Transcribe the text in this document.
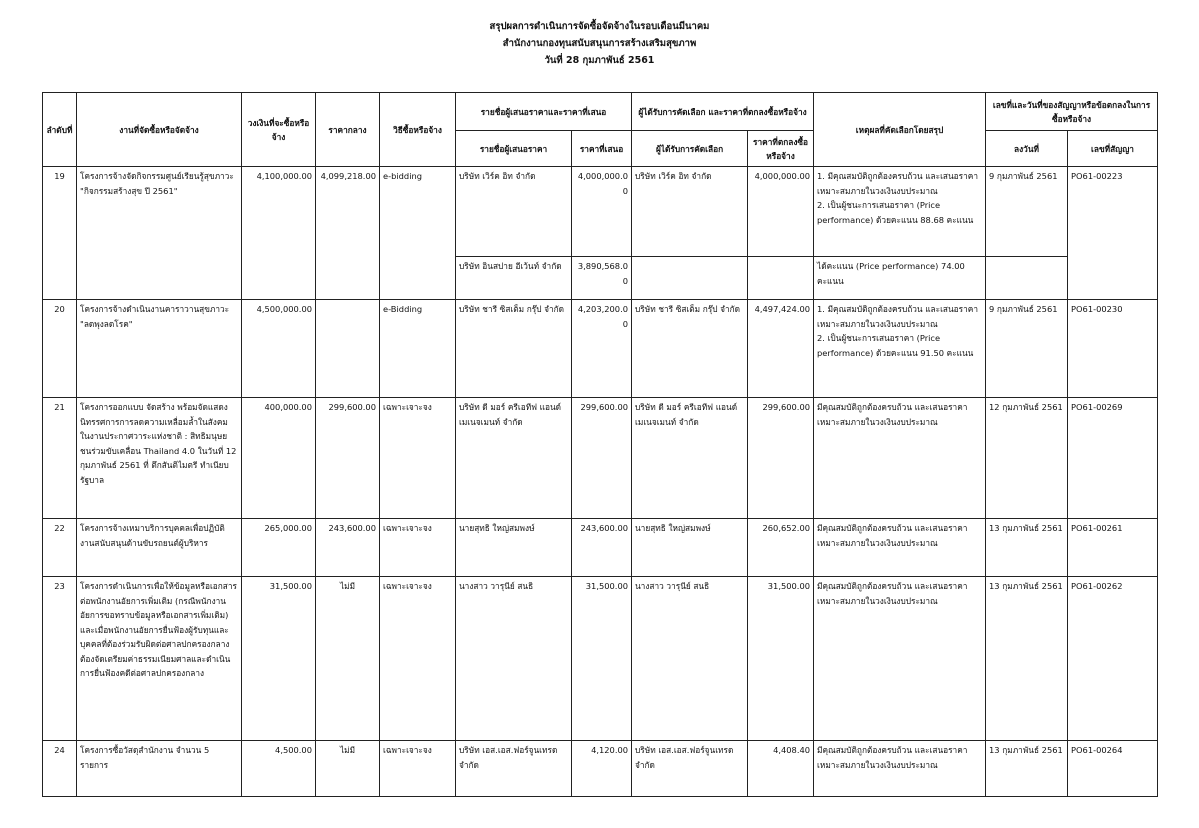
สรุปผลการดำเนินการจัดซื้อจัดจ้างในรอบเดือนมีนาคม
สำนักงานกองทุนสนับสนุนการสร้างเสริมสุขภาพ
วันที่ 28 กุมภาพันธ์ 2561
ลำดับที่	งานที่จัดซื้อหรือจัดจ้าง	วงเงินที่จะซื้อหรือจ้าง	ราคากลาง	วิธีซื้อหรือจ้าง	รายชื่อผู้เสนอราคาและราคาที่เสนอ		ผู้ได้รับการคัดเลือก และราคาที่ตกลงซื้อหรือจ้าง		เหตุผลที่คัดเลือกโดยสรุป	เลขที่และวันที่ของสัญญาหรือข้อตกลงในการซื้อหรือจ้าง	
					รายชื่อผู้เสนอราคา	ราคาที่เสนอ	ผู้ได้รับการคัดเลือก	ราคาที่ตกลงซื้อหรือจ้าง		ลงวันที่	เลขที่สัญญา
19	โครงการจ้างจัดกิจกรรมศูนย์เรียนรู้สุขภาวะ "กิจกรรมสร้างสุข ปี 2561"	4,100,000.00	4,099,218.00	e-bidding	บริษัท เวิร์ค อิท จำกัด	4,000,000.00	บริษัท เวิร์ค อิท จำกัด	4,000,000.00	1. มีคุณสมบัติถูกต้องครบถ้วน และเสนอราคาเหมาะสมภายในวงเงินงบประมาณ
2. เป็นผู้ชนะการเสนอราคา (Price performance) ด้วยคะแนน 88.68 คะแนน	9 กุมภาพันธ์ 2561	PO61-00223
					บริษัท อินสปาย อีเว้นท์ จำกัด	3,890,568.00			ได้คะแนน (Price performance) 74.00 คะแนน		
20	โครงการจ้างดำเนินงานคาราวานสุขภาวะ "ลดพุงลดโรค"	4,500,000.00		e-Bidding	บริษัท ชารี ซิสเต็ม กรุ๊ป จำกัด	4,203,200.00	บริษัท ชารี ซิสเต็ม กรุ๊ป จำกัด	4,497,424.00	1. มีคุณสมบัติถูกต้องครบถ้วน และเสนอราคาเหมาะสมภายในวงเงินงบประมาณ
2. เป็นผู้ชนะการเสนอราคา (Price performance) ด้วยคะแนน 91.50 คะแนน	9 กุมภาพันธ์ 2561	PO61-00230
21	โครงการออกแบบ จัดสร้าง พร้อมจัดแสดงนิทรรศการการลดความเหลื่อมล้ำในสังคม ในงานประกาศวาระแห่งชาติ : สิทธิมนุษยชนร่วมขับเคลื่อน Thailand 4.0 ในวันที่ 12 กุมภาพันธ์ 2561 ที่ ตึกสันติไมตรี ทำเนียบรัฐบาล	400,000.00	299,600.00	เฉพาะเจาะจง	บริษัท ดี มอร์ ครีเอทีฟ แอนด์เมเนจเมนท์ จำกัด	299,600.00	บริษัท ดี มอร์ ครีเอทีฟ แอนด์เมเนจเมนท์ จำกัด	299,600.00	มีคุณสมบัติถูกต้องครบถ้วน และเสนอราคาเหมาะสมภายในวงเงินงบประมาณ	12 กุมภาพันธ์ 2561	PO61-00269
22	โครงการจ้างเหมาบริการบุคคลเพื่อปฏิบัติงานสนับสนุนด้านขับรถยนต์ผู้บริหาร	265,000.00	243,600.00	เฉพาะเจาะจง	นายสุทธิ ใหญ่สมพงษ์	243,600.00	นายสุทธิ ใหญ่สมพงษ์	260,652.00	มีคุณสมบัติถูกต้องครบถ้วน และเสนอราคาเหมาะสมภายในวงเงินงบประมาณ	13 กุมภาพันธ์ 2561	PO61-00261
23	โครงการดำเนินการเพื่อให้ข้อมูลหรือเอกสารต่อพนักงานอัยการเพิ่มเติม (กรณีพนักงานอัยการขอทราบข้อมูลหรือเอกสารเพิ่มเติม) และเมื่อพนักงานอัยการยื่นฟ้องผู้รับทุนและบุคคลที่ต้องร่วมรับผิดต่อศาลปกครองกลาง ต้องจัดเตรียมค่าธรรมเนียมศาลและดำเนินการยื่นฟ้องคดีต่อศาลปกครองกลาง	31,500.00	ไม่มี	เฉพาะเจาะจง	นางสาว วารุนีย์ สนธิ	31,500.00	นางสาว วารุนีย์ สนธิ	31,500.00	มีคุณสมบัติถูกต้องครบถ้วน และเสนอราคาเหมาะสมภายในวงเงินงบประมาณ	13 กุมภาพันธ์ 2561	PO61-00262
24	โครงการซื้อวัสดุสำนักงาน จำนวน 5 รายการ	4,500.00	ไม่มี	เฉพาะเจาะจง	บริษัท เอส.เอส.ฟอร์จูนเทรด จำกัด	4,120.00	บริษัท เอส.เอส.ฟอร์จูนเทรด จำกัด	4,408.40	มีคุณสมบัติถูกต้องครบถ้วน และเสนอราคาเหมาะสมภายในวงเงินงบประมาณ	13 กุมภาพันธ์ 2561	PO61-00264
